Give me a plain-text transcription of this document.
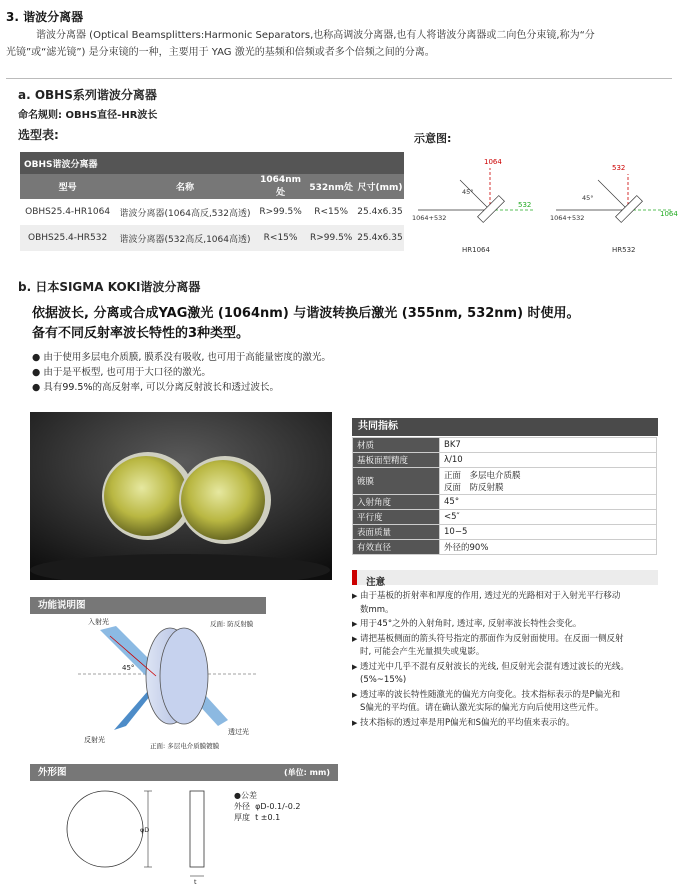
3. 谐波分离器
谐波分离器 (Optical Beamsplitters:Harmonic Separators,也称高调波分离器,也有人将谐波分离器或二向色分束镜,称为“分
光镜”或“滤光镜”) 是分束镜的一种，主要用于 YAG 激光的基频和倍频或者多个倍频之间的分离。
a. OBHS系列谐波分离器
命名规则: OBHS直径-HR波长
选型表:	示意图:
OBHS谐波分离器				
型号	名称	1064nm处	532nm处	尺寸(mm)
OBHS25.4-HR1064	谐波分离器(1064高反,532高透)	R>99.5%	R<15%	25.4x6.35
OBHS25.4-HR532	谐波分离器(532高反,1064高透)	R<15%	R>99.5%	25.4x6.35
1064
532
1064+532
45°
HR1064
532
1064
1064+532
45°
HR532
b. 日本SIGMA KOKI谐波分离器
依据波长, 分离或合成YAG激光 (1064nm) 与谐波转换后激光 (355nm, 532nm) 时使用。
备有不同反射率波长特性的3种类型。
● 由于使用多层电介质膜, 膜系没有吸收, 也可用于高能量密度的激光。
● 由于是平板型, 也可用于大口径的激光。
● 具有99.5%的高反射率, 可以分离反射波长和透过波长。
共同指标
材质	BK7

基板面型精度	λ/10

镀膜	正面　多层电介质膜
反面　防反射膜

入射角度	45°

平行度	<5″

表面质量	10−5

有效直径	外径的90%
注意
▶ 由于基板的折射率和厚度的作用, 透过光的光路相对于入射光平行移动
数mm。
▶ 用于45°之外的入射角时, 透过率, 反射率波长特性会变化。
▶ 请把基板侧面的箭头符号指定的那面作为反射面使用。在反面一侧反射
时, 可能会产生光量损失或鬼影。
▶ 透过光中几乎不混有反射波长的光线, 但反射光会混有透过波长的光线。
(5%~15%)
▶ 透过率的波长特性随激光的偏光方向变化。技术指标表示的是P偏光和
S偏光的平均值。请在确认激光实际的偏光方向后使用这些元件。
▶ 技术指标的透过率是用P偏光和S偏光的平均值来表示的。
功能说明图
入射光
反射光
透过光
45°
反面: 防反射膜
正面: 多层电介质膜镀膜
外形图	(单位: mm)
φD
t
●公差
外径 φD-0.1/-0.2
厚度 t ±0.1
